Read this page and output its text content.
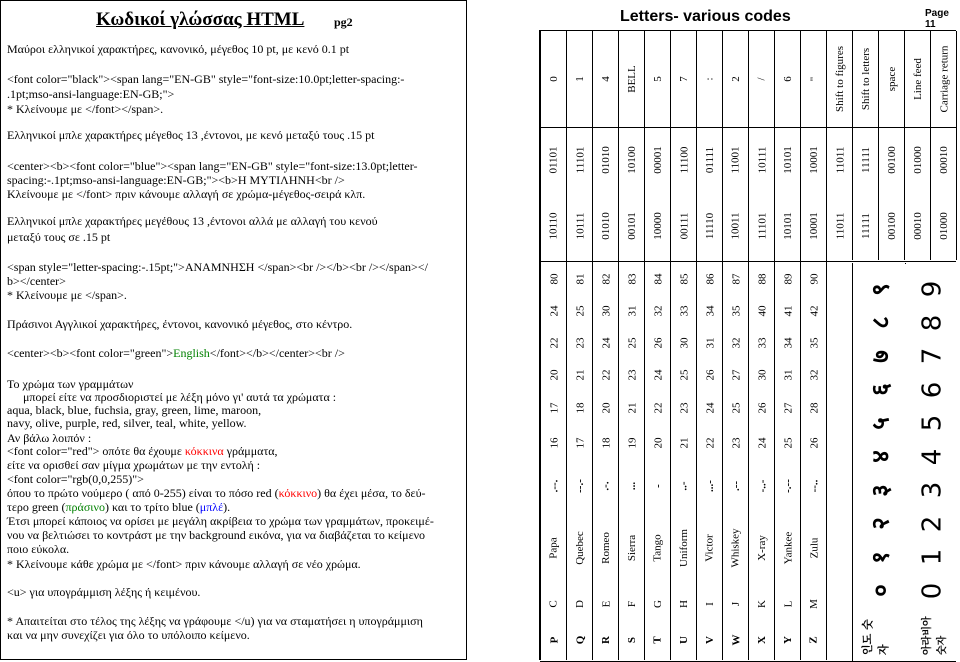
Κωδικοί γλώσσας HTML pg2
Μαύροι ελληνικοί χαρακτήρες, κανονικό, μέγεθος 10 pt, με κενό 0.1 pt
<font color="black"><span lang="EN-GB" style="font-size:10.0pt;letter-spacing:-
.1pt;mso-ansi-language:EN-GB;">
* Κλείνουμε με </font></span>.
Ελληνικοί μπλε χαρακτήρες μέγεθος 13 ,έντονοι, με κενό μεταξύ τους .15 pt
<center><b><font color="blue"><span lang="EN-GB" style="font-size:13.0pt;letter-
spacing:-.1pt;mso-ansi-language:EN-GB;"><b>Η ΜΥΤΙΛΗΝΗ<br />
Κλείνουμε με </font> πριν κάνουμε αλλαγή σε χρώμα-μέγεθος-σειρά κλπ.
Ελληνικοί μπλε χαρακτήρες μεγέθους 13 ,έντονοι αλλά με αλλαγή του κενού
μεταξύ τους σε .15 pt
<span style="letter-spacing:-.15pt;">ΑΝΑΜΝΗΣΗ </span><br /></b><br /></span></
b></center>
* Κλείνουμε με </span>.
Πράσινοι Αγγλικοί χαρακτήρες, έντονοι, κανονικό μέγεθος, στο κέντρο.
<center><b><font color="green">English</font></b></center><br />
Το χρώμα των γραμμάτων
μπορεί είτε να προσδιοριστεί με λέξη μόνο γι' αυτά τα χρώματα :
aqua, black, blue, fuchsia, gray, green, lime, maroon,
navy, olive, purple, red, silver, teal, white, yellow.
Αν βάλω λοιπόν :
<font color="red"> οπότε θα έχουμε κόκκινα γράμματα,
είτε να ορισθεί σαν μίγμα χρωμάτων με την εντολή :
<font color="rgb(0,0,255)">
όπου το πρώτο νούμερο ( από 0-255) είναι το πόσο red (κόκκινο) θα έχει μέσα, το δεύ-
τερο green (πράσινο) και το τρίτο blue (μπλέ).
Έτσι μπορεί κάποιος να ορίσει με μεγάλη ακρίβεια το χρώμα των γραμμάτων, προκειμέ-
νου να βελτιώσει το κοντράστ με την background εικόνα, για να διαβάζεται το κείμενο
ποιο εύκολα.
* Κλείνουμε κάθε χρώμα με </font> πριν κάνουμε αλλαγή σε νέο χρώμα.
<u> για υπογράμμιση λέξης ή κειμένου.
* Απαιτείται στο τέλος της λέξης να γράφουμε </u) για να σταματήσει η υπογράμμιση
και να μην συνεχίζει για όλο το υπόλοιπο κείμενο.
Letters- various codes	Page 11
0 1 4 BELL 5 7 : 2 / 6 " Shift to figures Shift to letters space Line feed Carriage return
01101 11101 01010 10100 00001 11100 01111 11001 10111 10101 10001 11011 11111 00100 01000 00010
10110 10111 01010 00101 10000 00111 11110 10011 11101 10101 10001 11011 11111 00100 00010 01000
P Q R S T U V W X Y Z
C D E F G H I J K L M
Papa Quebec Romeo Sierra Tango Uniform Victor Whiskey X-ray Yankee Zulu
.--. --.- .-. ... - ..- ...- .-- -..- -.-- --..
16 17 18 19 20 21 22 23 24 25 26
17 18 20 21 22 23 24 25 26 27 28
20 21 22 23 24 25 26 27 30 31 32
22 23 24 25 26 30 31 32 33 34 35
24 25 30 31 32 33 34 35 40 41 42
80 81 82 83 84 85 86 87 88 89 90
인도 숫자	아라비아 숫자
०
१
२
३
४
५
६
७
८
९
0
1
2
3
4
5
6
7
8
9
